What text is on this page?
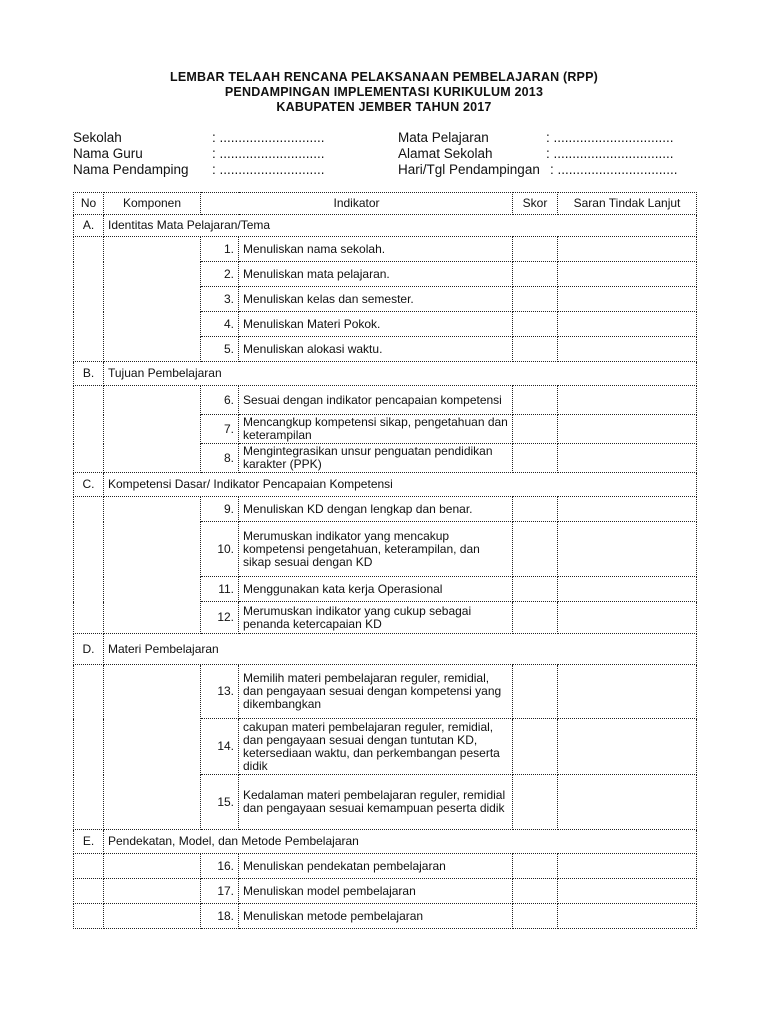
LEMBAR TELAAH RENCANA PELAKSANAAN PEMBELAJARAN (RPP)
PENDAMPINGAN IMPLEMENTASI KURIKULUM 2013
KABUPATEN JEMBER TAHUN 2017
Sekolah	: ............................
Nama Guru	: ............................
Nama Pendamping : ............................
Mata Pelajaran	: ................................
Alamat Sekolah	: ................................
Hari/Tgl Pendampingan : ................................
No	Komponen	Indikator		Skor	Saran Tindak Lanjut
A.	Identitas Mata Pelajaran/Tema				
		1.	Menuliskan nama sekolah.		
		2.	Menuliskan mata pelajaran.		
		3.	Menuliskan kelas dan semester.		
		4.	Menuliskan Materi Pokok.		
		5.	Menuliskan alokasi waktu.		
B.	Tujuan Pembelajaran				
		6.	Sesuai dengan indikator pencapaian kompetensi		
		7.	Mencangkup kompetensi sikap, pengetahuan dan keterampilan		
		8.	Mengintegrasikan unsur penguatan pendidikan karakter (PPK)		
C.	Kompetensi Dasar/ Indikator Pencapaian Kompetensi				
		9.	Menuliskan KD dengan lengkap dan benar.		
		10.	Merumuskan indikator yang mencakup kompetensi pengetahuan, keterampilan, dan sikap sesuai dengan KD		
		11.	Menggunakan kata kerja Operasional		
		12.	Merumuskan indikator yang cukup sebagai penanda ketercapaian KD		
D.	Materi Pembelajaran				
		13.	Memilih materi pembelajaran reguler, remidial, dan pengayaan sesuai dengan kompetensi yang dikembangkan		
		14.	cakupan materi pembelajaran reguler, remidial, dan pengayaan sesuai dengan tuntutan KD, ketersediaan waktu, dan perkembangan peserta didik		
		15.	Kedalaman materi pembelajaran reguler, remidial dan pengayaan sesuai kemampuan peserta didik		
E.	Pendekatan, Model, dan Metode Pembelajaran				
		16.	Menuliskan pendekatan pembelajaran		
		17.	Menuliskan model pembelajaran		
		18.	Menuliskan metode pembelajaran		
